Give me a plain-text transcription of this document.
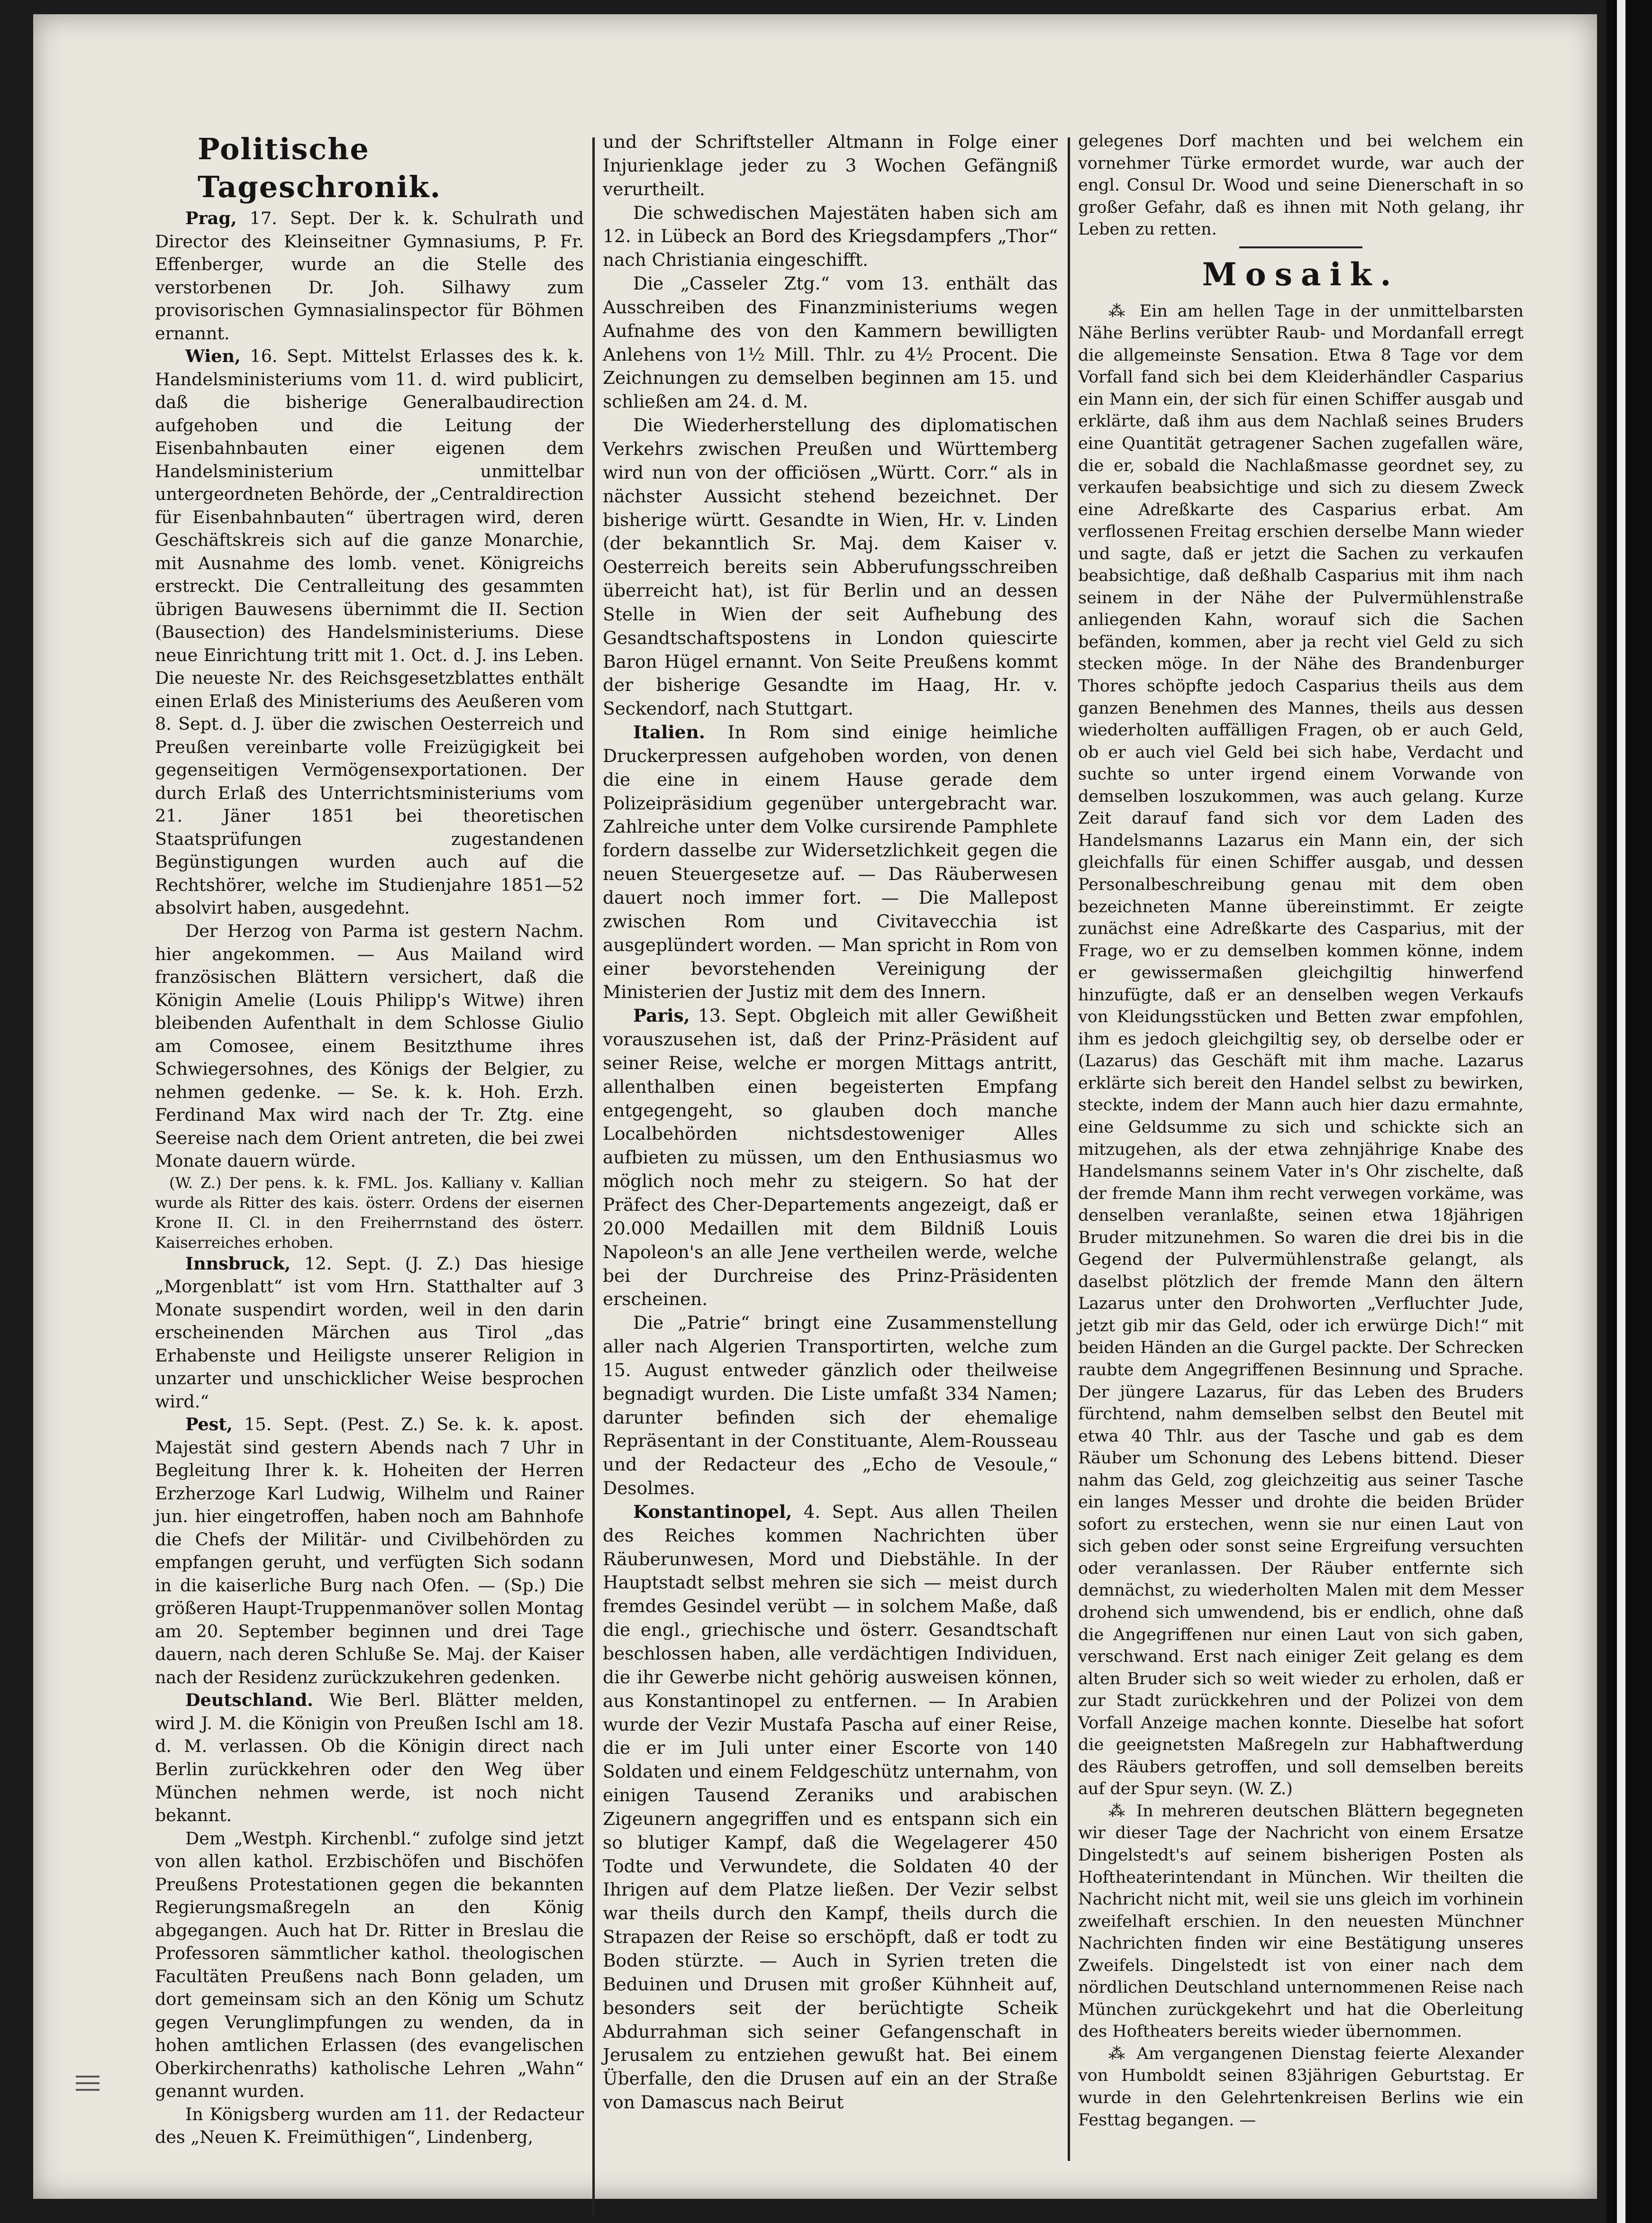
Politische Tageschronik.

Prag, 17. Sept. Der k. k. Schulrath und Director des Kleinseitner Gymnasiums, P. Fr. Effenberger, wurde an die Stelle des verstorbenen Dr. Joh. Silhawy zum provisorischen Gymnasialinspector für Böhmen ernannt.

Wien, 16. Sept. Mittelst Erlasses des k. k. Handelsministeriums vom 11. d. wird publicirt, daß die bisherige Generalbaudirection aufgehoben und die Leitung der Eisenbahnbauten einer eigenen dem Handelsministerium unmittelbar untergeordneten Behörde, der „Centraldirection für Eisenbahnbauten“ übertragen wird, deren Geschäftskreis sich auf die ganze Monarchie, mit Ausnahme des lomb. venet. Königreichs erstreckt. Die Centralleitung des gesammten übrigen Bauwesens übernimmt die II. Section (Bausection) des Handelsministeriums. Diese neue Einrichtung tritt mit 1. Oct. d. J. ins Leben. Die neueste Nr. des Reichsgesetzblattes enthält einen Erlaß des Ministeriums des Aeußeren vom 8. Sept. d. J. über die zwischen Oesterreich und Preußen vereinbarte volle Freizügigkeit bei gegenseitigen Vermögensexportationen. Der durch Erlaß des Unterrichtsministeriums vom 21. Jäner 1851 bei theoretischen Staatsprüfungen zugestandenen Begünstigungen wurden auch auf die Rechtshörer, welche im Studienjahre 1851—52 absolvirt haben, ausgedehnt.

Der Herzog von Parma ist gestern Nachm. hier angekommen. — Aus Mailand wird französischen Blättern versichert, daß die Königin Amelie (Louis Philipp's Witwe) ihren bleibenden Aufenthalt in dem Schlosse Giulio am Comosee, einem Besitzthume ihres Schwiegersohnes, des Königs der Belgier, zu nehmen gedenke. — Se. k. k. Hoh. Erzh. Ferdinand Max wird nach der Tr. Ztg. eine Seereise nach dem Orient antreten, die bei zwei Monate dauern würde.

(W. Z.) Der pens. k. k. FML. Jos. Kalliany v. Kallian wurde als Ritter des kais. österr. Ordens der eisernen Krone II. Cl. in den Freiherrnstand des österr. Kaiserreiches erhoben.

Innsbruck, 12. Sept. (J. Z.) Das hiesige „Morgenblatt“ ist vom Hrn. Statthalter auf 3 Monate suspendirt worden, weil in den darin erscheinenden Märchen aus Tirol „das Erhabenste und Heiligste unserer Religion in unzarter und unschicklicher Weise besprochen wird.“

Pest, 15. Sept. (Pest. Z.) Se. k. k. apost. Majestät sind gestern Abends nach 7 Uhr in Begleitung Ihrer k. k. Hoheiten der Herren Erzherzoge Karl Ludwig, Wilhelm und Rainer jun. hier eingetroffen, haben noch am Bahnhofe die Chefs der Militär- und Civilbehörden zu empfangen geruht, und verfügten Sich sodann in die kaiserliche Burg nach Ofen. — (Sp.) Die größeren Haupt-Truppenmanöver sollen Montag am 20. September beginnen und drei Tage dauern, nach deren Schluße Se. Maj. der Kaiser nach der Residenz zurückzukehren gedenken.

Deutschland. Wie Berl. Blätter melden, wird J. M. die Königin von Preußen Ischl am 18. d. M. verlassen. Ob die Königin direct nach Berlin zurückkehren oder den Weg über München nehmen werde, ist noch nicht bekannt.

Dem „Westph. Kirchenbl.“ zufolge sind jetzt von allen kathol. Erzbischöfen und Bischöfen Preußens Protestationen gegen die bekannten Regierungsmaßregeln an den König abgegangen. Auch hat Dr. Ritter in Breslau die Professoren sämmtlicher kathol. theologischen Facultäten Preußens nach Bonn geladen, um dort gemeinsam sich an den König um Schutz gegen Verunglimpfungen zu wenden, da in hohen amtlichen Erlassen (des evangelischen Oberkirchenraths) katholische Lehren „Wahn“ genannt wurden.

In Königsberg wurden am 11. der Redacteur des „Neuen K. Freimüthigen“, Lindenberg,

und der Schriftsteller Altmann in Folge einer Injurienklage jeder zu 3 Wochen Gefängniß verurtheilt.

Die schwedischen Majestäten haben sich am 12. in Lübeck an Bord des Kriegsdampfers „Thor“ nach Christiania eingeschifft.

Die „Casseler Ztg.“ vom 13. enthält das Ausschreiben des Finanzministeriums wegen Aufnahme des von den Kammern bewilligten Anlehens von 1½ Mill. Thlr. zu 4½ Procent. Die Zeichnungen zu demselben beginnen am 15. und schließen am 24. d. M.

Die Wiederherstellung des diplomatischen Verkehrs zwischen Preußen und Württemberg wird nun von der officiösen „Württ. Corr.“ als in nächster Aussicht stehend bezeichnet. Der bisherige württ. Gesandte in Wien, Hr. v. Linden (der bekanntlich Sr. Maj. dem Kaiser v. Oesterreich bereits sein Abberufungsschreiben überreicht hat), ist für Berlin und an dessen Stelle in Wien der seit Aufhebung des Gesandtschaftspostens in London quiescirte Baron Hügel ernannt. Von Seite Preußens kommt der bisherige Gesandte im Haag, Hr. v. Seckendorf, nach Stuttgart.

Italien. In Rom sind einige heimliche Druckerpressen aufgehoben worden, von denen die eine in einem Hause gerade dem Polizeipräsidium gegenüber untergebracht war. Zahlreiche unter dem Volke cursirende Pamphlete fordern dasselbe zur Widersetzlichkeit gegen die neuen Steuergesetze auf. — Das Räuberwesen dauert noch immer fort. — Die Mallepost zwischen Rom und Civitavecchia ist ausgeplündert worden. — Man spricht in Rom von einer bevorstehenden Vereinigung der Ministerien der Justiz mit dem des Innern.

Paris, 13. Sept. Obgleich mit aller Gewißheit vorauszusehen ist, daß der Prinz-Präsident auf seiner Reise, welche er morgen Mittags antritt, allenthalben einen begeisterten Empfang entgegengeht, so glauben doch manche Localbehörden nichtsdestoweniger Alles aufbieten zu müssen, um den Enthusiasmus wo möglich noch mehr zu steigern. So hat der Präfect des Cher-Departements angezeigt, daß er 20.000 Medaillen mit dem Bildniß Louis Napoleon's an alle Jene vertheilen werde, welche bei der Durchreise des Prinz-Präsidenten erscheinen.

Die „Patrie“ bringt eine Zusammenstellung aller nach Algerien Transportirten, welche zum 15. August entweder gänzlich oder theilweise begnadigt wurden. Die Liste umfaßt 334 Namen; darunter befinden sich der ehemalige Repräsentant in der Constituante, Alem-Rousseau und der Redacteur des „Echo de Vesoule,“ Desolmes.

Konstantinopel, 4. Sept. Aus allen Theilen des Reiches kommen Nachrichten über Räuberunwesen, Mord und Diebstähle. In der Hauptstadt selbst mehren sie sich — meist durch fremdes Gesindel verübt — in solchem Maße, daß die engl., griechische und österr. Gesandtschaft beschlossen haben, alle verdächtigen Individuen, die ihr Gewerbe nicht gehörig ausweisen können, aus Konstantinopel zu entfernen. — In Arabien wurde der Vezir Mustafa Pascha auf einer Reise, die er im Juli unter einer Escorte von 140 Soldaten und einem Feldgeschütz unternahm, von einigen Tausend Zeraniks und arabischen Zigeunern angegriffen und es entspann sich ein so blutiger Kampf, daß die Wegelagerer 450 Todte und Verwundete, die Soldaten 40 der Ihrigen auf dem Platze ließen. Der Vezir selbst war theils durch den Kampf, theils durch die Strapazen der Reise so erschöpft, daß er todt zu Boden stürzte. — Auch in Syrien treten die Beduinen und Drusen mit großer Kühnheit auf, besonders seit der berüchtigte Scheik Abdurrahman sich seiner Gefangenschaft in Jerusalem zu entziehen gewußt hat. Bei einem Überfalle, den die Drusen auf ein an der Straße von Damascus nach Beirut

gelegenes Dorf machten und bei welchem ein vornehmer Türke ermordet wurde, war auch der engl. Consul Dr. Wood und seine Dienerschaft in so großer Gefahr, daß es ihnen mit Noth gelang, ihr Leben zu retten.

Mosaik.

⁂ Ein am hellen Tage in der unmittelbarsten Nähe Berlins verübter Raub- und Mordanfall erregt die allgemeinste Sensation. Etwa 8 Tage vor dem Vorfall fand sich bei dem Kleiderhändler Casparius ein Mann ein, der sich für einen Schiffer ausgab und erklärte, daß ihm aus dem Nachlaß seines Bruders eine Quantität getragener Sachen zugefallen wäre, die er, sobald die Nachlaßmasse geordnet sey, zu verkaufen beabsichtige und sich zu diesem Zweck eine Adreßkarte des Casparius erbat. Am verflossenen Freitag erschien derselbe Mann wieder und sagte, daß er jetzt die Sachen zu verkaufen beabsichtige, daß deßhalb Casparius mit ihm nach seinem in der Nähe der Pulvermühlenstraße anliegenden Kahn, worauf sich die Sachen befänden, kommen, aber ja recht viel Geld zu sich stecken möge. In der Nähe des Brandenburger Thores schöpfte jedoch Casparius theils aus dem ganzen Benehmen des Mannes, theils aus dessen wiederholten auffälligen Fragen, ob er auch Geld, ob er auch viel Geld bei sich habe, Verdacht und suchte so unter irgend einem Vorwande von demselben loszukommen, was auch gelang. Kurze Zeit darauf fand sich vor dem Laden des Handelsmanns Lazarus ein Mann ein, der sich gleichfalls für einen Schiffer ausgab, und dessen Personalbeschreibung genau mit dem oben bezeichneten Manne übereinstimmt. Er zeigte zunächst eine Adreßkarte des Casparius, mit der Frage, wo er zu demselben kommen könne, indem er gewissermaßen gleichgiltig hinwerfend hinzufügte, daß er an denselben wegen Verkaufs von Kleidungsstücken und Betten zwar empfohlen, ihm es jedoch gleichgiltig sey, ob derselbe oder er (Lazarus) das Geschäft mit ihm mache. Lazarus erklärte sich bereit den Handel selbst zu bewirken, steckte, indem der Mann auch hier dazu ermahnte, eine Geldsumme zu sich und schickte sich an mitzugehen, als der etwa zehnjährige Knabe des Handelsmanns seinem Vater in's Ohr zischelte, daß der fremde Mann ihm recht verwegen vorkäme, was denselben veranlaßte, seinen etwa 18jährigen Bruder mitzunehmen. So waren die drei bis in die Gegend der Pulvermühlenstraße gelangt, als daselbst plötzlich der fremde Mann den ältern Lazarus unter den Drohworten „Verfluchter Jude, jetzt gib mir das Geld, oder ich erwürge Dich!“ mit beiden Händen an die Gurgel packte. Der Schrecken raubte dem Angegriffenen Besinnung und Sprache. Der jüngere Lazarus, für das Leben des Bruders fürchtend, nahm demselben selbst den Beutel mit etwa 40 Thlr. aus der Tasche und gab es dem Räuber um Schonung des Lebens bittend. Dieser nahm das Geld, zog gleichzeitig aus seiner Tasche ein langes Messer und drohte die beiden Brüder sofort zu erstechen, wenn sie nur einen Laut von sich geben oder sonst seine Ergreifung versuchten oder veranlassen. Der Räuber entfernte sich demnächst, zu wiederholten Malen mit dem Messer drohend sich umwendend, bis er endlich, ohne daß die Angegriffenen nur einen Laut von sich gaben, verschwand. Erst nach einiger Zeit gelang es dem alten Bruder sich so weit wieder zu erholen, daß er zur Stadt zurückkehren und der Polizei von dem Vorfall Anzeige machen konnte. Dieselbe hat sofort die geeignetsten Maßregeln zur Habhaftwerdung des Räubers getroffen, und soll demselben bereits auf der Spur seyn. (W. Z.)

⁂ In mehreren deutschen Blättern begegneten wir dieser Tage der Nachricht von einem Ersatze Dingelstedt's auf seinem bisherigen Posten als Hoftheaterintendant in München. Wir theilten die Nachricht nicht mit, weil sie uns gleich im vorhinein zweifelhaft erschien. In den neuesten Münchner Nachrichten finden wir eine Bestätigung unseres Zweifels. Dingelstedt ist von einer nach dem nördlichen Deutschland unternommenen Reise nach München zurückgekehrt und hat die Oberleitung des Hoftheaters bereits wieder übernommen.

⁂ Am vergangenen Dienstag feierte Alexander von Humboldt seinen 83jährigen Geburtstag. Er wurde in den Gelehrtenkreisen Berlins wie ein Festtag begangen. —
